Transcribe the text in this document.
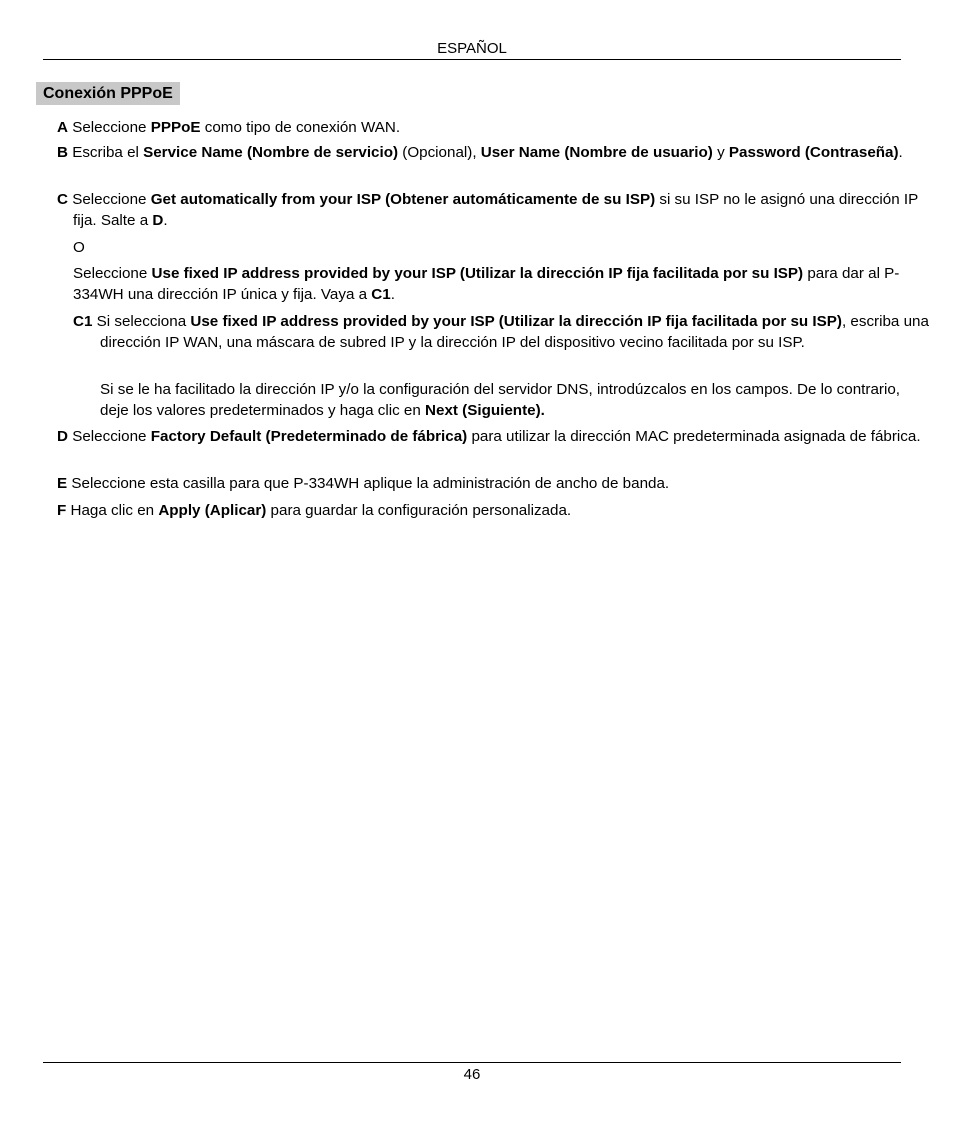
ESPAÑOL
Conexión PPPoE
A Seleccione PPPoE como tipo de conexión WAN.
B Escriba el Service Name (Nombre de servicio) (Opcional), User Name (Nombre de usuario) y Password (Contraseña).
C Seleccione Get automatically from your ISP (Obtener automáticamente de su ISP) si su ISP no le asignó una dirección IP fija. Salte a D.
O
Seleccione Use fixed IP address provided by your ISP (Utilizar la dirección IP fija facilitada por su ISP) para dar al P-334WH una dirección IP única y fija. Vaya a C1.
C1 Si selecciona Use fixed IP address provided by your ISP (Utilizar la dirección IP fija facilitada por su ISP), escriba una dirección IP WAN, una máscara de subred IP y la dirección IP del dispositivo vecino facilitada por su ISP.
Si se le ha facilitado la dirección IP y/o la configuración del servidor DNS, introdúzcalos en los campos. De lo contrario, deje los valores predeterminados y haga clic en Next (Siguiente).
D Seleccione Factory Default (Predeterminado de fábrica) para utilizar la dirección MAC predeterminada asignada de fábrica.
E Seleccione esta casilla para que P-334WH aplique la administración de ancho de banda.
F Haga clic en Apply (Aplicar) para guardar la configuración personalizada.
46
